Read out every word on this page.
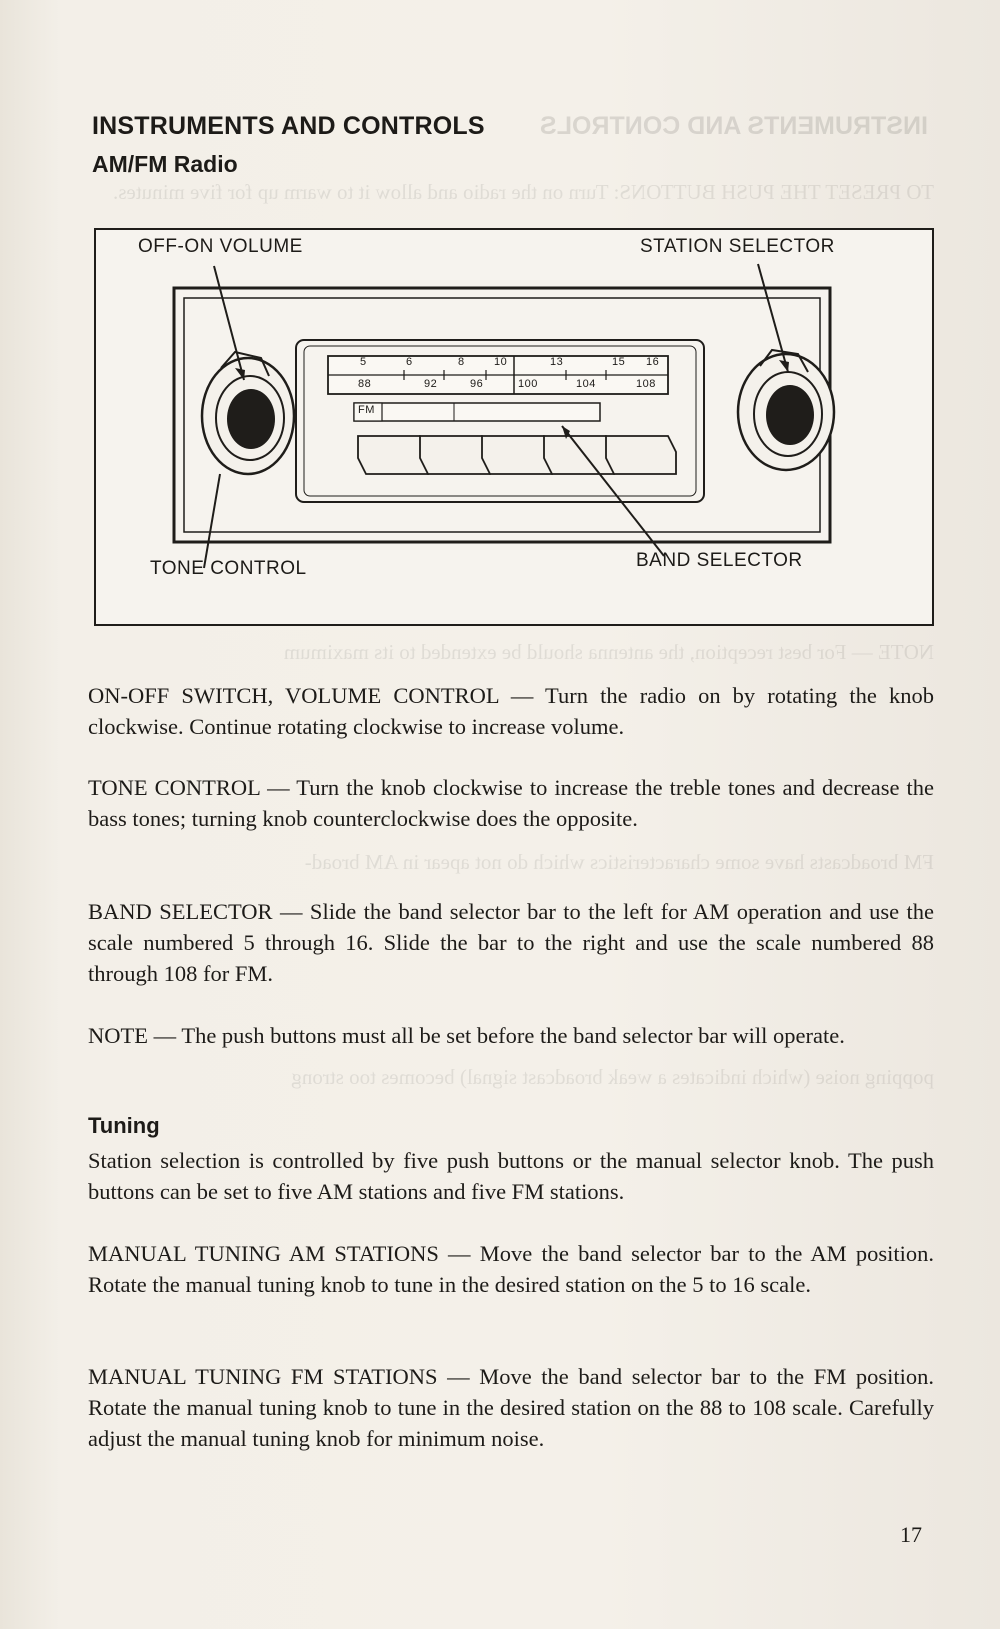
INSTRUMENTS AND CONTROLS
INSTRUMENTS AND CONTROLS
AM/FM Radio
OFF-ON VOLUME	STATION SELECTOR
TONE CONTROL	BAND SELECTOR
5	6	8	10	13	15 16
88	92	96	100	104	108
FM
TO PRESET THE PUSH BUTTONS: Turn on the radio and allow it to warm up for five minutes.
NOTE — For best reception, the antenna should be extended to its maximum
FM broadcasts have some characteristics which do not apear in AM broad-
popping noise (which indicates a weak broadcast signal) becomes too strong
ON-OFF SWITCH, VOLUME CONTROL — Turn the radio on by rotating the knob clockwise. Continue rotating clockwise to increase volume.
TONE CONTROL — Turn the knob clockwise to increase the treble tones and decrease the bass tones; turning knob counterclockwise does the opposite.
BAND SELECTOR — Slide the band selector bar to the left for AM operation and use the scale numbered 5 through 16. Slide the bar to the right and use the scale numbered 88 through 108 for FM.
NOTE — The push buttons must all be set before the band selector bar will operate.
Tuning
Station selection is controlled by five push buttons or the manual selector knob. The push buttons can be set to five AM stations and five FM stations.
MANUAL TUNING AM STATIONS — Move the band selector bar to the AM position. Rotate the manual tuning knob to tune in the desired station on the 5 to 16 scale.
MANUAL TUNING FM STATIONS — Move the band selector bar to the FM position. Rotate the manual tuning knob to tune in the desired station on the 88 to 108 scale. Carefully adjust the manual tuning knob for minimum noise.
17
